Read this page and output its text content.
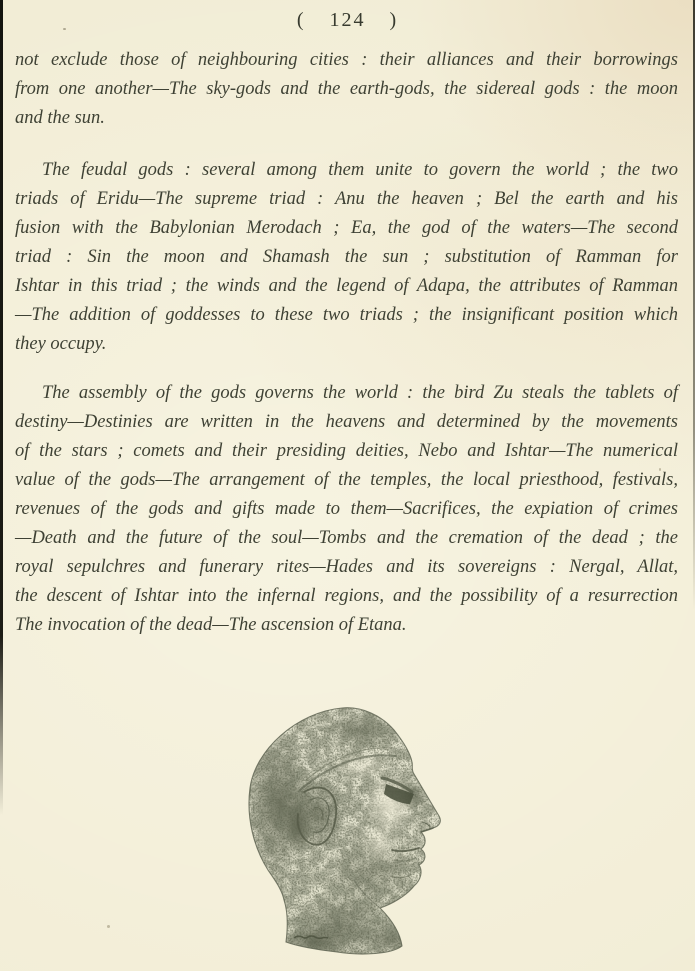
( 124 )
not exclude those of neighbouring cities : their alliances and their borrowings
from one another—The sky-gods and the earth-gods, the sidereal gods : the moon
and the sun.
The feudal gods : several among them unite to govern the world ; the two
triads of Eridu—The supreme triad : Anu the heaven ; Bel the earth and his
fusion with the Babylonian Merodach ; Ea, the god of the waters—The second
triad : Sin the moon and Shamash the sun ; substitution of Ramman for
Ishtar in this triad ; the winds and the legend of Adapa, the attributes of Ramman
—The addition of goddesses to these two triads ; the insignificant position which
they occupy.
The assembly of the gods governs the world : the bird Zu steals the tablets of
destiny—Destinies are written in the heavens and determined by the movements
of the stars ; comets and their presiding deities, Nebo and Ishtar—The numerical
value of the gods—The arrangement of the temples, the local priesthood, festivals,
revenues of the gods and gifts made to them—Sacrifices, the expiation of crimes
—Death and the future of the soul—Tombs and the cremation of the dead ; the
royal sepulchres and funerary rites—Hades and its sovereigns : Nergal, Allat,
the descent of Ishtar into the infernal regions, and the possibility of a resurrection
The invocation of the dead—The ascension of Etana.
